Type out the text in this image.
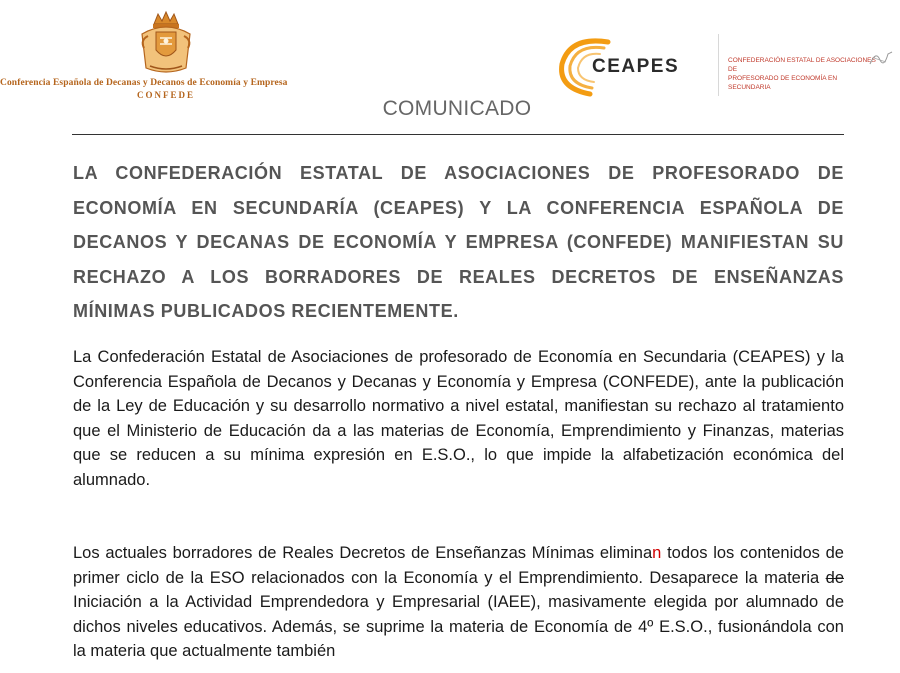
Conferencia Española de Decanas y Decanos de Economía y Empresa
CONFEDE
CEAPES	CONFEDERACIÓN ESTATAL DE ASOCIACIONES DE
PROFESORADO DE ECONOMÍA EN SECUNDARIA
COMUNICADO
LA CONFEDERACIÓN ESTATAL DE ASOCIACIONES DE PROFESORADO DE ECONOMÍA EN SECUNDARÍA (CEAPES) Y LA CONFERENCIA ESPAÑOLA DE DECANOS Y DECANAS DE ECONOMÍA Y EMPRESA (CONFEDE) MANIFIESTAN SU RECHAZO A LOS BORRADORES DE REALES DECRETOS DE ENSEÑANZAS MÍNIMAS PUBLICADOS RECIENTEMENTE.
La Confederación Estatal de Asociaciones de profesorado de Economía en Secundaria (CEAPES) y la Conferencia Española de Decanos y Decanas y Economía y Empresa (CONFEDE), ante la publicación de la Ley de Educación y su desarrollo normativo a nivel estatal, manifiestan su rechazo al tratamiento que el Ministerio de Educación da a las materias de Economía, Emprendimiento y Finanzas, materias que se reducen a su mínima expresión en E.S.O., lo que impide la alfabetización económica del alumnado.
Los actuales borradores de Reales Decretos de Enseñanzas Mínimas eliminan todos los contenidos de primer ciclo de la ESO relacionados con la Economía y el Emprendimiento. Desaparece la materia de Iniciación a la Actividad Emprendedora y Empresarial (IAEE), masivamente elegida por alumnado de dichos niveles educativos. Además, se suprime la materia de Economía de 4º E.S.O., fusionándola con la materia que actualmente también
